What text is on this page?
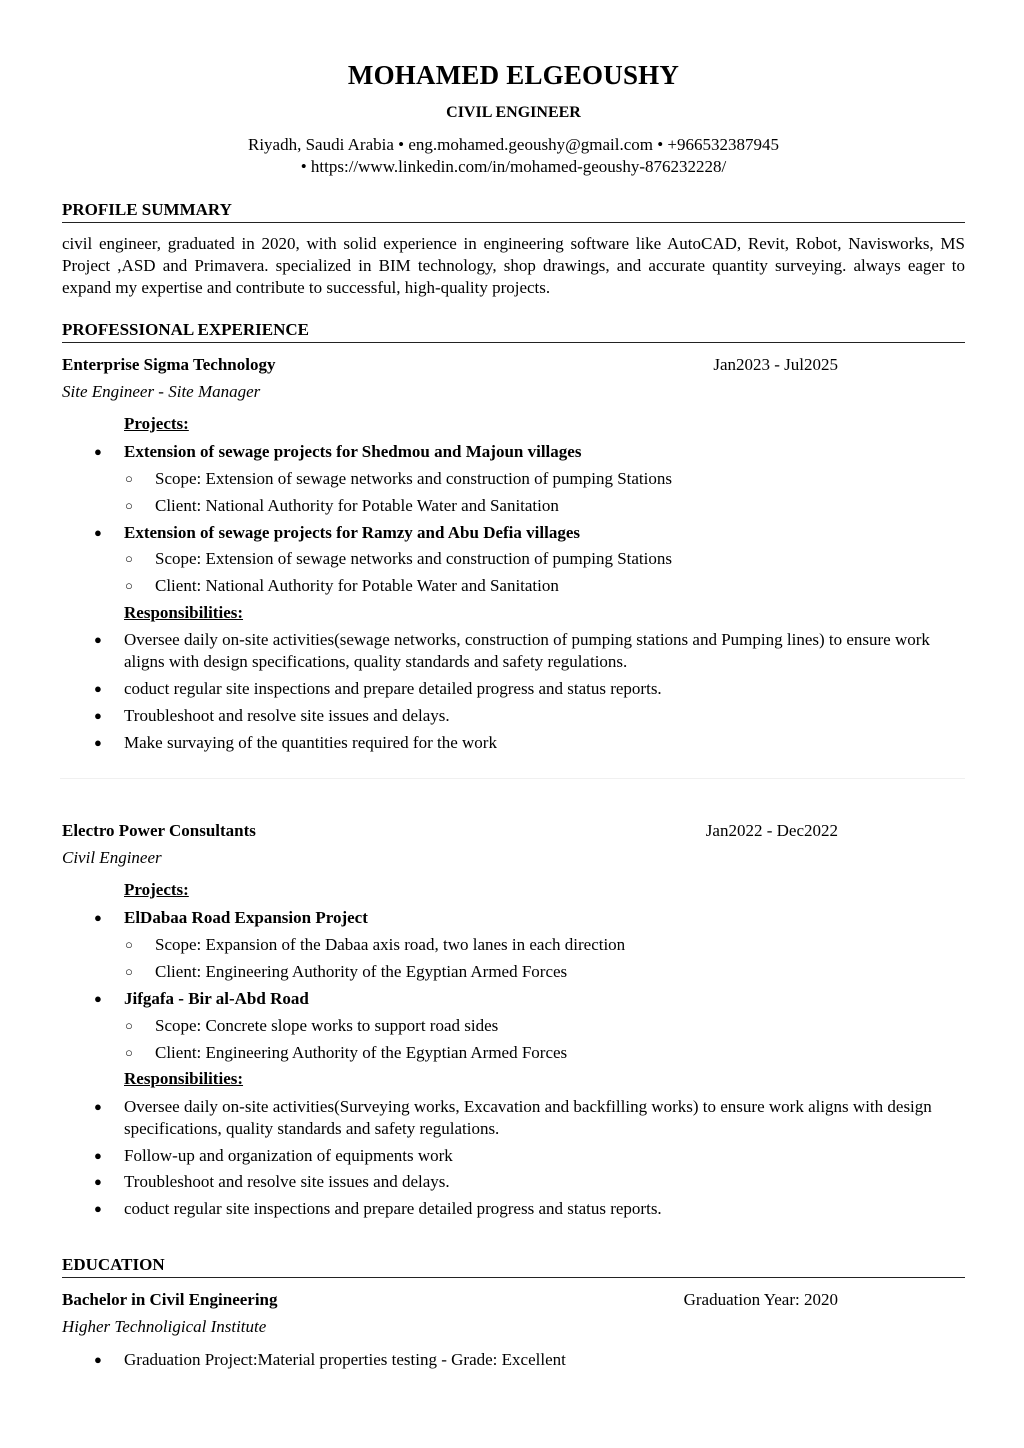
MOHAMED ELGEOUSHY
CIVIL ENGINEER
Riyadh, Saudi Arabia • eng.mohamed.geoushy@gmail.com • +966532387945
• https://www.linkedin.com/in/mohamed-geoushy-876232228/
PROFILE SUMMARY
civil engineer, graduated in 2020, with solid experience in engineering software like AutoCAD, Revit, Robot, Navisworks, MS Project ,ASD and Primavera. specialized in BIM technology, shop drawings, and accurate quantity surveying. always eager to expand my expertise and contribute to successful, high-quality projects.
PROFESSIONAL EXPERIENCE
Enterprise Sigma Technology	Jan2023 - Jul2025
Site Engineer - Site Manager
Projects:
● Extension of sewage projects for Shedmou and Majoun villages
○ Scope: Extension of sewage networks and construction of pumping Stations
○ Client: National Authority for Potable Water and Sanitation
● Extension of sewage projects for Ramzy and Abu Defia villages
○ Scope: Extension of sewage networks and construction of pumping Stations
○ Client: National Authority for Potable Water and Sanitation
Responsibilities:
● Oversee daily on-site activities(sewage networks, construction of pumping stations and Pumping lines) to ensure work aligns with design specifications, quality standards and safety regulations.
● coduct regular site inspections and prepare detailed progress and status reports.
● Troubleshoot and resolve site issues and delays.
● Make survaying of the quantities required for the work
Electro Power Consultants	Jan2022 - Dec2022
Civil Engineer
Projects:
● ElDabaa Road Expansion Project
○ Scope: Expansion of the Dabaa axis road, two lanes in each direction
○ Client: Engineering Authority of the Egyptian Armed Forces
● Jifgafa - Bir al-Abd Road
○ Scope: Concrete slope works to support road sides
○ Client: Engineering Authority of the Egyptian Armed Forces
Responsibilities:
● Oversee daily on-site activities(Surveying works, Excavation and backfilling works) to ensure work aligns with design specifications, quality standards and safety regulations.
● Follow-up and organization of equipments work
● Troubleshoot and resolve site issues and delays.
● coduct regular site inspections and prepare detailed progress and status reports.
EDUCATION
Bachelor in Civil Engineering	Graduation Year: 2020
Higher Technoligical Institute
● Graduation Project:Material properties testing - Grade: Excellent
